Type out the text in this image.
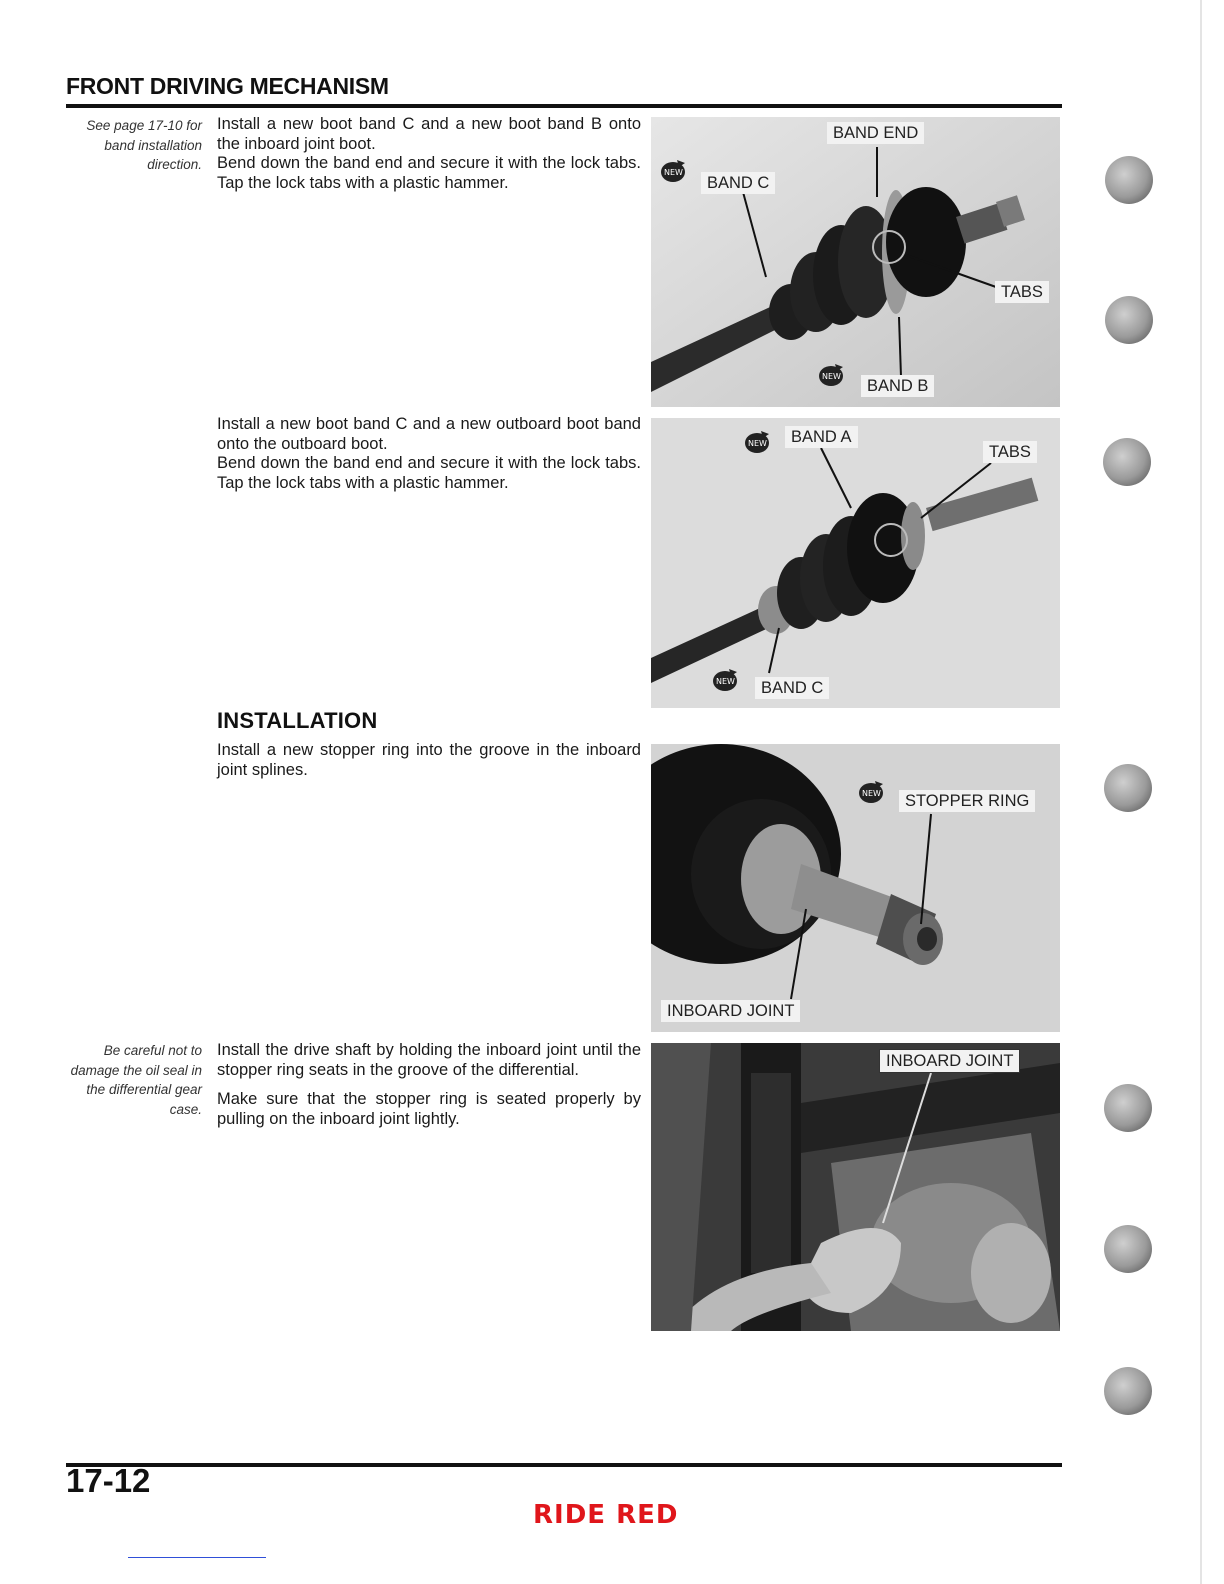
FRONT DRIVING MECHANISM
See page 17-10 for band installation direction.
Be careful not to damage the oil seal in the differential gear case.

Install a new boot band C and a new boot band B onto the inboard joint boot.

Bend down the band end and secure it with the lock tabs. Tap the lock tabs with a plastic hammer.

Install a new boot band C and a new outboard boot band onto the outboard boot.

Bend down the band end and secure it with the lock tabs. Tap the lock tabs with a plastic hammer.

INSTALLATION

Install a new stopper ring into the groove in the inboard joint splines.

Install the drive shaft by holding the inboard joint until the stopper ring seats in the groove of the differential.

Make sure that the stopper ring is seated properly by pulling on the inboard joint lightly.

BAND END
NEW
BAND C
TABS
NEW
BAND B
NEW	BAND A
TABS
NEW	BAND C
NEW	STOPPER RING
INBOARD JOINT
INBOARD JOINT
17-12
RIDE RED
